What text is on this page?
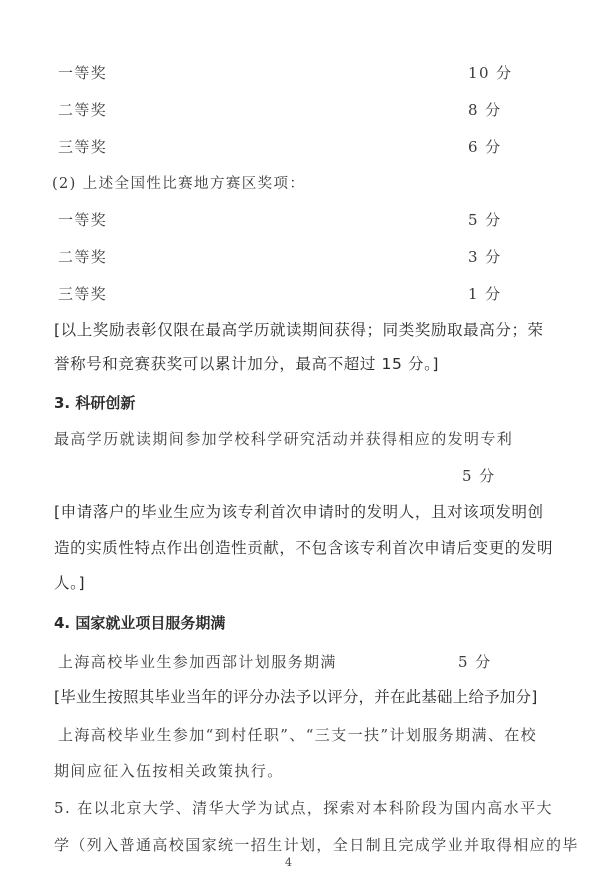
一等奖	10 分
二等奖	8 分
三等奖	6 分
(2) 上述全国性比赛地方赛区奖项：
一等奖	5 分
二等奖	3 分
三等奖	1 分
[以上奖励表彰仅限在最高学历就读期间获得；同类奖励取最高分；荣
誉称号和竞赛获奖可以累计加分，最高不超过 15 分。]
3. 科研创新
最高学历就读期间参加学校科学研究活动并获得相应的发明专利
5 分
[申请落户的毕业生应为该专利首次申请时的发明人，且对该项发明创
造的实质性特点作出创造性贡献，不包含该专利首次申请后变更的发明
人。]
4. 国家就业项目服务期满
上海高校毕业生参加西部计划服务期满	5 分
[毕业生按照其毕业当年的评分办法予以评分，并在此基础上给予加分]
上海高校毕业生参加“到村任职”、“三支一扶”计划服务期满、在校
期间应征入伍按相关政策执行。
5. 在以北京大学、清华大学为试点，探索对本科阶段为国内高水平大
学（列入普通高校国家统一招生计划，全日制且完成学业并取得相应的毕
4
